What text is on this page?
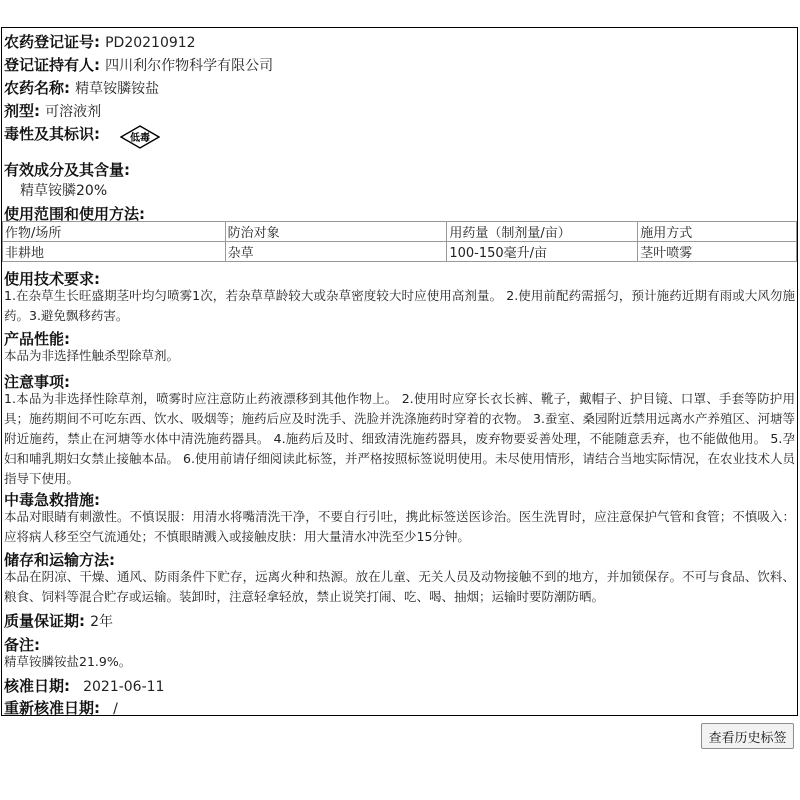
农药登记证号: PD20210912
登记证持有人: 四川利尔作物科学有限公司
农药名称: 精草铵膦铵盐
剂型: 可溶液剂
毒性及其标识:	低毒
有效成分及其含量:
精草铵膦20%
使用范围和使用方法:
作物/场所	防治对象	用药量（制剂量/亩）	施用方式
非耕地	杂草	100-150毫升/亩	茎叶喷雾
使用技术要求:
1.在杂草生长旺盛期茎叶均匀喷雾1次，若杂草草龄较大或杂草密度较大时应使用高剂量。 2.使用前配药需摇匀，预计施药近期有雨或大风勿施药。3.避免飘移药害。
产品性能:
本品为非选择性触杀型除草剂。
注意事项:
1.本品为非选择性除草剂，喷雾时应注意防止药液漂移到其他作物上。 2.使用时应穿长衣长裤、靴子，戴帽子、护目镜、口罩、手套等防护用具；施药期间不可吃东西、饮水、吸烟等；施药后应及时洗手、洗脸并洗涤施药时穿着的衣物。 3.蚕室、桑园附近禁用远离水产养殖区、河塘等附近施药，禁止在河塘等水体中清洗施药器具。 4.施药后及时、细致清洗施药器具，废弃物要妥善处理，不能随意丢弃，也不能做他用。 5.孕妇和哺乳期妇女禁止接触本品。 6.使用前请仔细阅读此标签，并严格按照标签说明使用。未尽使用情形，请结合当地实际情况，在农业技术人员指导下使用。
中毒急救措施:
本品对眼睛有刺激性。不慎误服：用清水将嘴清洗干净，不要自行引吐，携此标签送医诊治。医生洗胃时，应注意保护气管和食管；不慎吸入：应将病人移至空气流通处；不慎眼睛溅入或接触皮肤：用大量清水冲洗至少15分钟。
储存和运输方法:
本品在阴凉、干燥、通风、防雨条件下贮存，远离火种和热源。放在儿童、无关人员及动物接触不到的地方，并加锁保存。不可与食品、饮料、粮食、饲料等混合贮存或运输。装卸时，注意轻拿轻放，禁止说笑打闹、吃、喝、抽烟；运输时要防潮防晒。
质量保证期: 2年
备注:
精草铵膦铵盐21.9%。
核准日期: 2021-06-11
重新核准日期: /
查看历史标签
